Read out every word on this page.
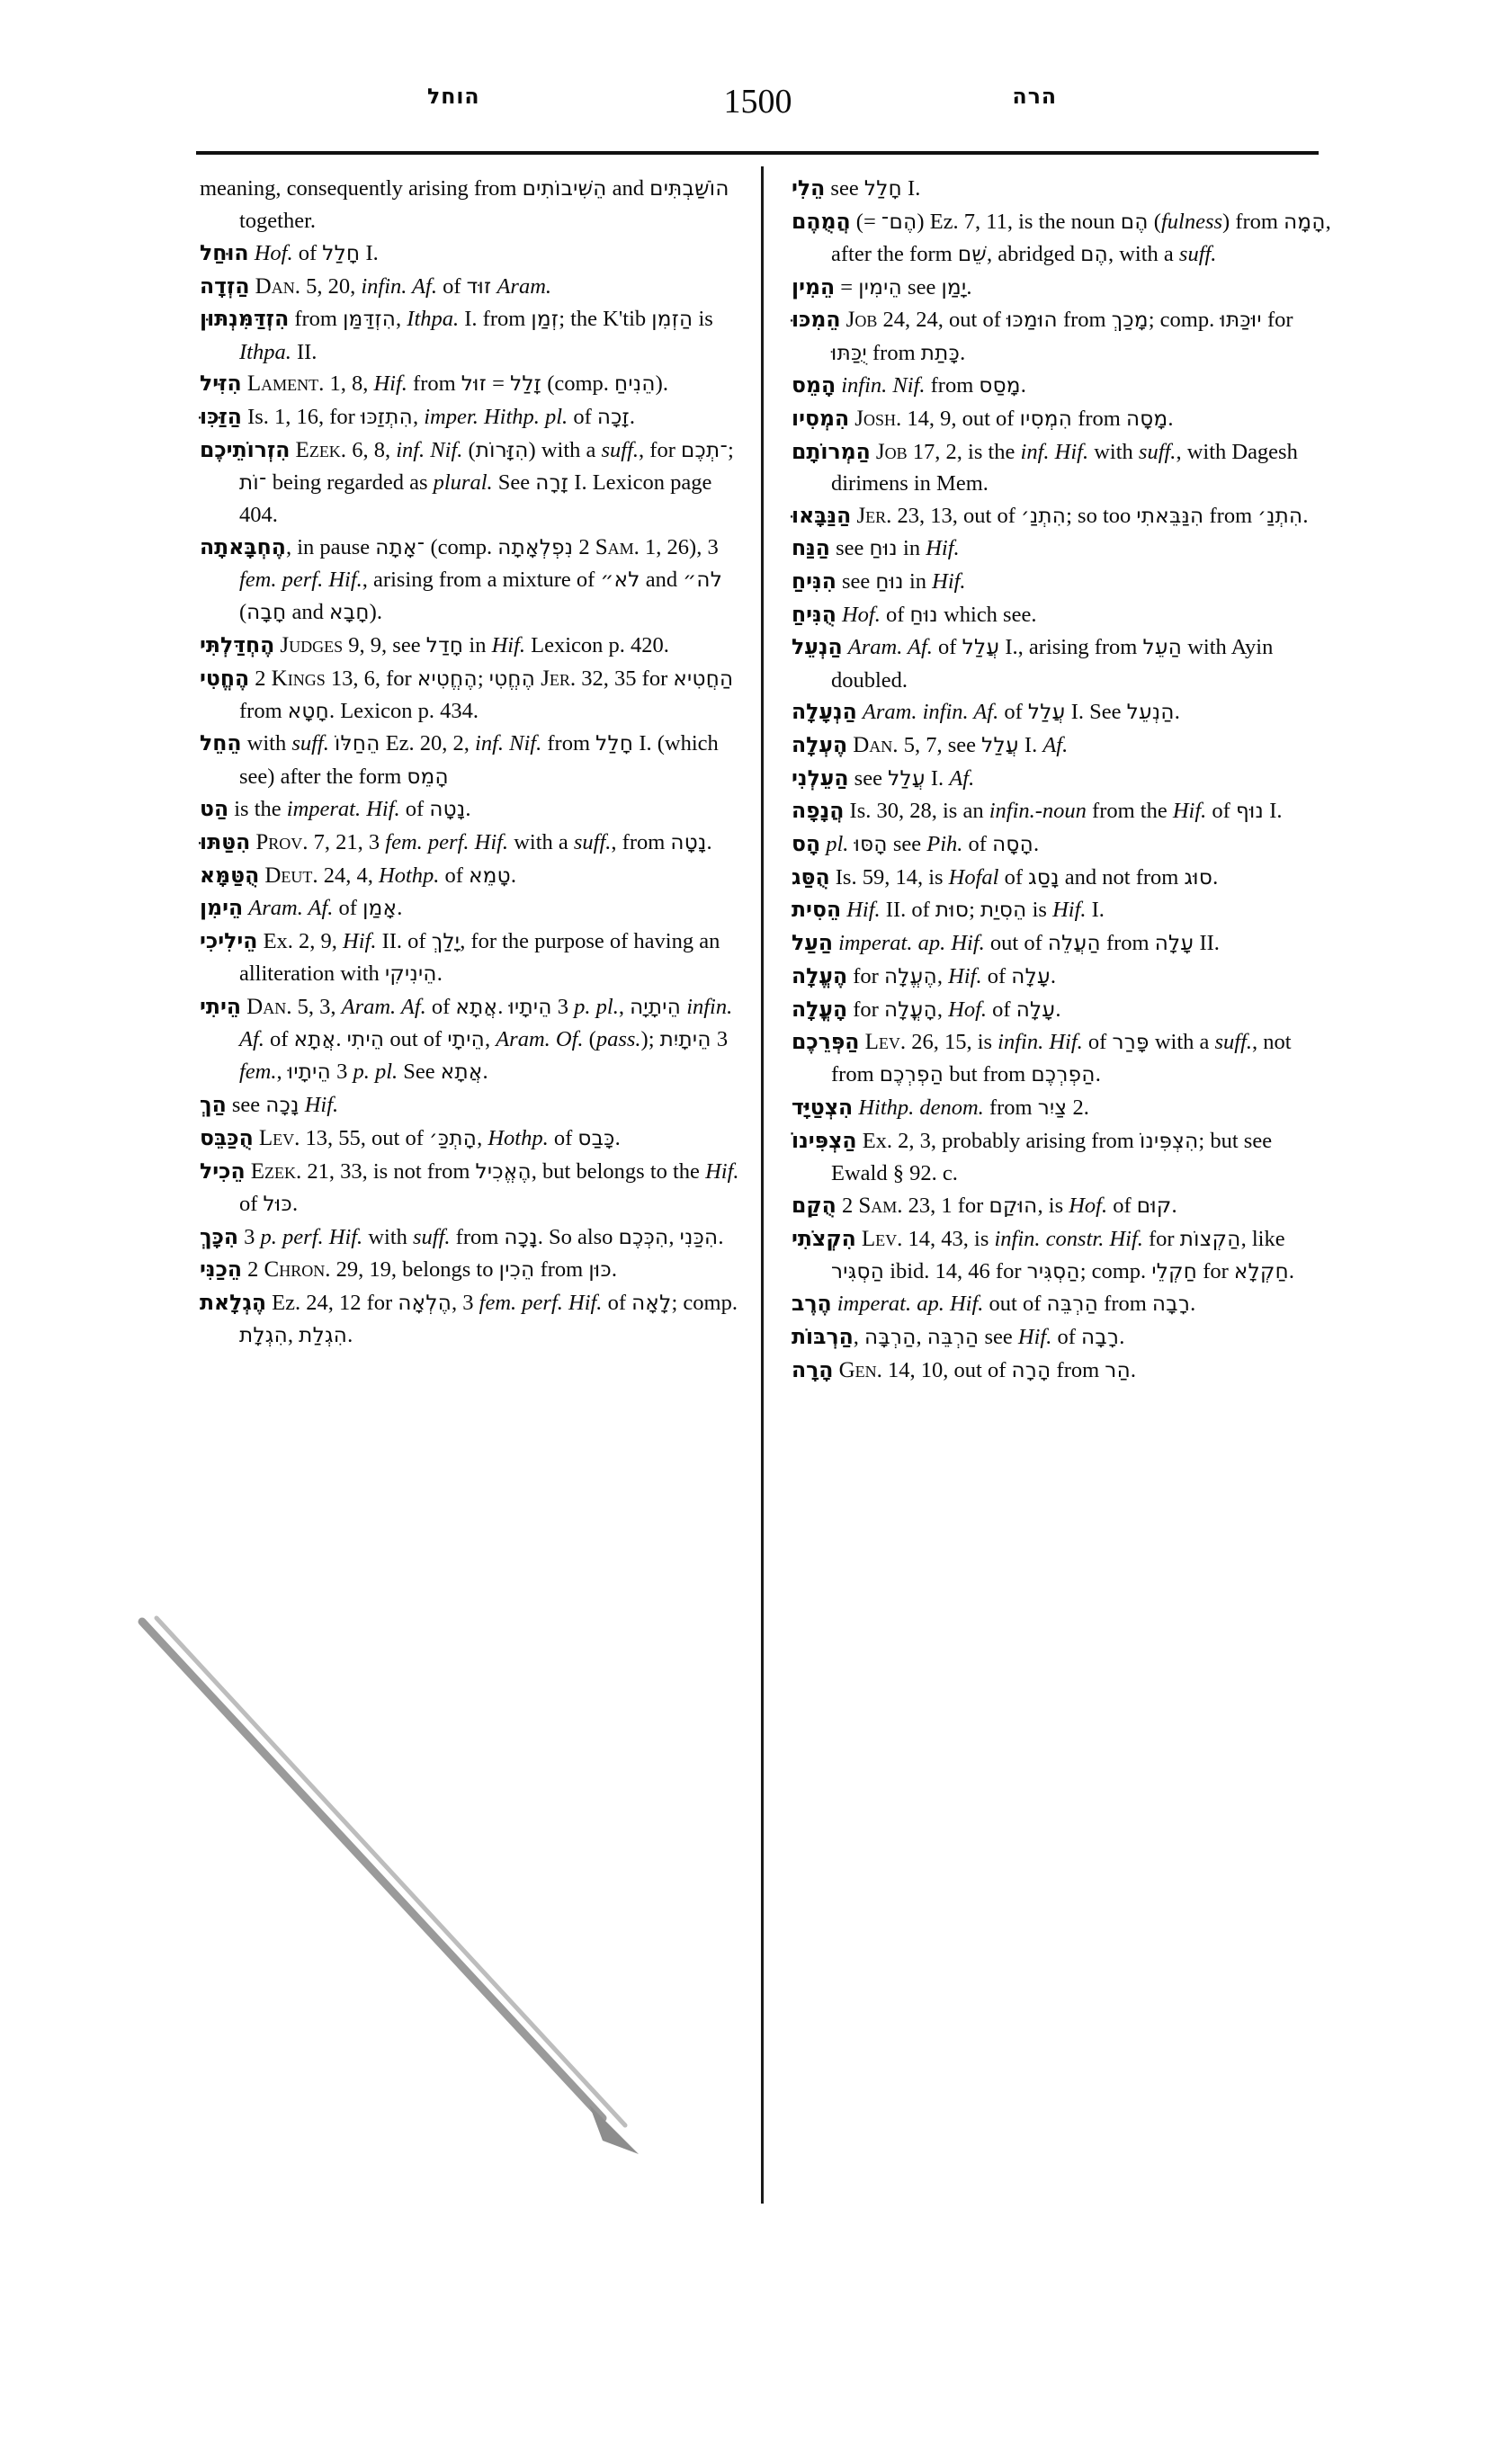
הוחל	1500	הרה

meaning, consequently arising from הֵשִׁיבוֹתִים and הוֹשַׁבְתִּים together.

הוּחַל Hof. of חָלַל I.

הַזְדָה Dan. 5, 20, infin. Af. of זוּד Aram.

הִזְדַּמִּנְתּוּן from הִזְדַּמַּן, Ithpa. I. from זְמַן; the K'tib הַזְמִן is Ithpa. II.

הִזִּיל Lament. 1, 8, Hif. from זוּל = זָלַל (comp. הֵנִיחַ).

הַזַּכִּוּ Is. 1, 16, for הִתְזַכּוּ, imper. Hithp. pl. of זָכָה.

הִזְרוֹתֵיכֶם Ezek. 6, 8, inf. Nif. (הִזָּרוֹת) with a suff., for ־תְכֶם; ־וֹת being regarded as plural. See זָרָה I. Lexicon page 404.

הֶחְבָּאתָה, in pause ־אָתָה (comp. נִפְלְאָתָה 2 Sam. 1, 26), 3 fem. perf. Hif., arising from a mixture of לא״ and לה״ (חָבָה and חָבָא).

הֶחְדַּלְתִּי Judges 9, 9, see חָדַל in Hif. Lexicon p. 420.

הֶחֱטִי 2 Kings 13, 6, for הֶחֱטִיא; הֶחֱטִי Jer. 32, 35 for הַחֲטִיא from חָטָא. Lexicon p. 434.

הֵחֵל with suff. הֵחַלּוֹ Ez. 20, 2, inf. Nif. from חָלַל I. (which see) after the form הָמֵס

הַט is the imperat. Hif. of נָטָה.

הִטַּתּוּ Prov. 7, 21, 3 fem. perf. Hif. with a suff., from נָטָה.

הֻטַּמָּא Deut. 24, 4, Hothp. of טָמֵא.

הֵימִן Aram. Af. of אָמַן.

הֵילִיכִי Ex. 2, 9, Hif. II. of יָלַךְ, for the purpose of having an alliteration with הֵינִיקִי.

הֵיתִי Dan. 5, 3, Aram. Af. of אֲתָא. הֵיתָיוּ 3 p. pl., הֵיתָיָה infin. Af. of אֲתָא. הֵיתִי out of הֵיתָי, Aram. Of. (pass.); הֵיתָיִת 3 fem., הֵיתָיוּ 3 p. pl. See אֲתָא.

הַךְ see נָכָה Hif.

הֻכַּבֵּס Lev. 13, 55, out of הָתְכַּ׳, Hothp. of כָּבַס.

הֵכִיל Ezek. 21, 33, is not from הֶאֱכִיל, but belongs to the Hif. of כּוּל.

הִכָּךְ 3 p. perf. Hif. with suff. from נָכָה. So also הִכְּכֶם, הִכַּנִי.

הֵכַנִּי 2 Chron. 29, 19, belongs to הֵכִין from כּוּן.

הֶגְלָאת Ez. 24, 12 for הֶלְאָה, 3 fem. perf. Hif. of לָאָה; comp. הִגְלָת, הִגְלַת.

הֵלִי see חָלַל I.

הֲמֻהֶם (= הֶם־) Ez. 7, 11, is the noun הֶם (fulness) from הָמָה, after the form שֵׁם, abridged הֶם, with a suff.

הֵמִין = הֵימִין see יָמַן.

הֵמִכּוּ Job 24, 24, out of הוּמַכּוּ from מָכַךְ; comp. יוּכַּתּוּ for יֻכַּתּוּ from כָּתַת.

הָמֵס infin. Nif. from מָסַס.

הִמְסִיו Josh. 14, 9, out of הִמְסִיו from מָסָה.

הַמְרוֹתָם Job 17, 2, is the inf. Hif. with suff., with Dagesh dirimens in Mem.

הַנַּבָּאוּ Jer. 23, 13, out of הִתְנַ׳; so too הִנַּבֵּאתִי from הִתְנַ׳.

הַנַּח see נוּחַ in Hif.

הִנִּיחַ see נוּחַ in Hif.

הֻנִּיחַ Hof. of נוּחַ which see.

הַנְעֵל Aram. Af. of עֲלַל I., arising from הַעֵל with Ayin doubled.

הַנְעָלָה Aram. infin. Af. of עֲלַל I. See הַנְעֵל.

הֶעְלָה Dan. 5, 7, see עֲלַל I. Af.

הַעֵלְנִי see עֲלַל I. Af.

הֲנָפָה Is. 30, 28, is an infin.-noun from the Hif. of נוּף I.

הָס pl. הָסּוּ see Pih. of הָסָה.

הֻסַּג Is. 59, 14, is Hofal of נָסַג and not from סוּג.

הֵסִית Hif. II. of סוּת; הֵסִיַת is Hif. I.

הַעַל imperat. ap. Hif. out of הַעֲלֵה from עָלָה II.

הֶעֱלָה for הֶעֱלָה, Hif. of עָלָה.

הָעֳלָה for הָעֳלָה, Hof. of עָלָה.

הַפְּרֵכֶם Lev. 26, 15, is infin. Hif. of פָּרַר with a suff., not from הַפְרְכֶם but from הַפְרְכֶם.

הִצְטַיָּד Hithp. denom. from צַיִר 2.

הַצְפִּינוֹ Ex. 2, 3, probably arising from הִצְפִּינוֹ; but see Ewald § 92. c.

הֻקַם 2 Sam. 23, 1 for הוּקַם, is Hof. of קוּם.

הִקְצֹתִי Lev. 14, 43, is infin. constr. Hif. for הַקְצוֹת, like הַסְגִּיר ibid. 14, 46 for הַסְגִּיר; comp. חַקְלֵי for חַקְלָא.

הֶרֶב imperat. ap. Hif. out of הַרְבֵּה from רָבָה.

הַרְבּוֹת, הַרְבָּה, הַרְבֵּה see Hif. of רָבָה.

הָרָה Gen. 14, 10, out of הָרָה from הַר.
